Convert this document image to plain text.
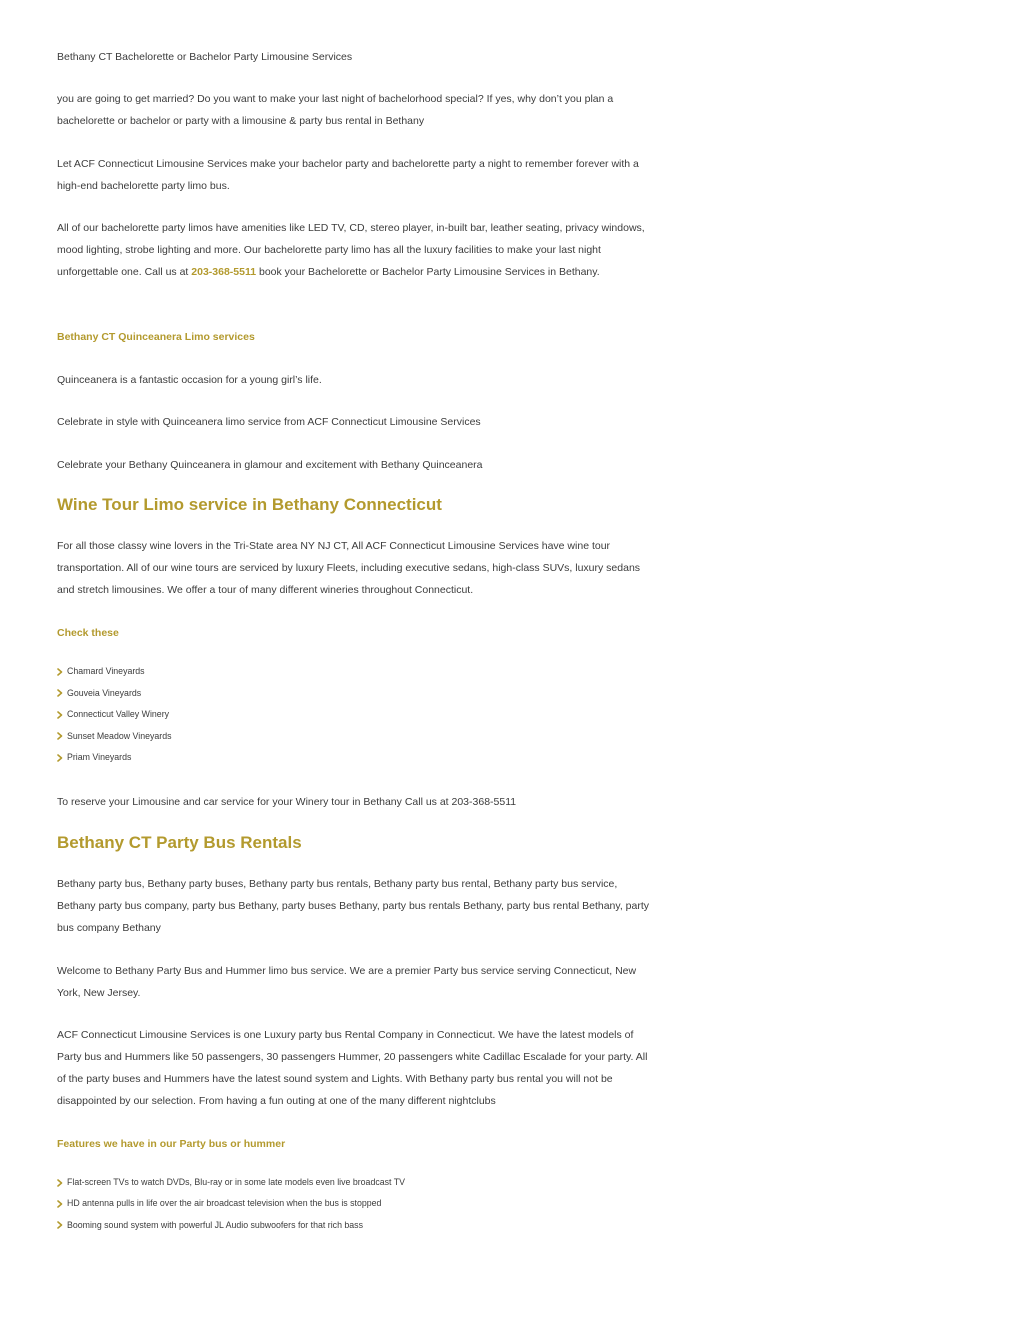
Bethany CT Bachelorette or Bachelor Party Limousine Services

you are going to get married? Do you want to make your last night of bachelorhood special? If yes, why don’t you plan a bachelorette or bachelor or party with a limousine & party bus rental in Bethany

Let ACF Connecticut Limousine Services make your bachelor party and bachelorette party a night to remember forever with a high-end bachelorette party limo bus.

All of our bachelorette party limos have amenities like LED TV, CD, stereo player, in-built bar, leather seating, privacy windows, mood lighting, strobe lighting and more. Our bachelorette party limo has all the luxury facilities to make your last night unforgettable one. Call us at 203-368-5511 book your Bachelorette or Bachelor Party Limousine Services in Bethany.

Bethany CT Quinceanera Limo services

Quinceanera is a fantastic occasion for a young girl’s life.

Celebrate in style with Quinceanera limo service from ACF Connecticut Limousine Services

Celebrate your Bethany Quinceanera in glamour and excitement with Bethany Quinceanera

Wine Tour Limo service in Bethany Connecticut

For all those classy wine lovers in the Tri-State area NY NJ CT, All ACF Connecticut Limousine Services have wine tour transportation. All of our wine tours are serviced by luxury Fleets, including executive sedans, high-class SUVs, luxury sedans and stretch limousines. We offer a tour of many different wineries throughout Connecticut.

Check these
Chamard Vineyards
Gouveia Vineyards
Connecticut Valley Winery
Sunset Meadow Vineyards
Priam Vineyards

To reserve your Limousine and car service for your Winery tour in Bethany Call us at 203-368-5511

Bethany CT Party Bus Rentals

Bethany party bus, Bethany party buses, Bethany party bus rentals, Bethany party bus rental, Bethany party bus service, Bethany party bus company, party bus Bethany, party buses Bethany, party bus rentals Bethany, party bus rental Bethany, party bus company Bethany

Welcome to Bethany Party Bus and Hummer limo bus service. We are a premier Party bus service serving Connecticut, New York, New Jersey.

ACF Connecticut Limousine Services is one Luxury party bus Rental Company in Connecticut. We have the latest models of Party bus and Hummers like 50 passengers, 30 passengers Hummer, 20 passengers white Cadillac Escalade for your party. All of the party buses and Hummers have the latest sound system and Lights. With Bethany party bus rental you will not be disappointed by our selection. From having a fun outing at one of the many different nightclubs

Features we have in our Party bus or hummer
Flat-screen TVs to watch DVDs, Blu-ray or in some late models even live broadcast TV
HD antenna pulls in life over the air broadcast television when the bus is stopped
Booming sound system with powerful JL Audio subwoofers for that rich bass
